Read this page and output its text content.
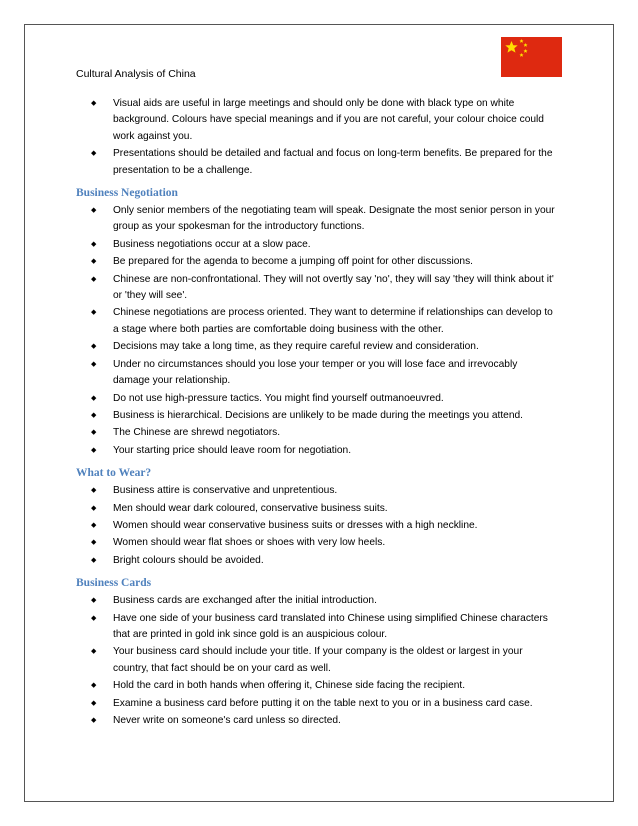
Cultural Analysis of China
◆ Visual aids are useful in large meetings and should only be done with black type on white background. Colours have special meanings and if you are not careful, your colour choice could work against you.
◆ Presentations should be detailed and factual and focus on long-term benefits. Be prepared for the presentation to be a challenge.
Business Negotiation
◆ Only senior members of the negotiating team will speak. Designate the most senior person in your group as your spokesman for the introductory functions.
◆ Business negotiations occur at a slow pace.
◆ Be prepared for the agenda to become a jumping off point for other discussions.
◆ Chinese are non-confrontational. They will not overtly say 'no', they will say 'they will think about it' or 'they will see'.
◆ Chinese negotiations are process oriented. They want to determine if relationships can develop to a stage where both parties are comfortable doing business with the other.
◆ Decisions may take a long time, as they require careful review and consideration.
◆ Under no circumstances should you lose your temper or you will lose face and irrevocably damage your relationship.
◆ Do not use high-pressure tactics. You might find yourself outmanoeuvred.
◆ Business is hierarchical. Decisions are unlikely to be made during the meetings you attend.
◆ The Chinese are shrewd negotiators.
◆ Your starting price should leave room for negotiation.
What to Wear?
◆ Business attire is conservative and unpretentious.
◆ Men should wear dark coloured, conservative business suits.
◆ Women should wear conservative business suits or dresses with a high neckline.
◆ Women should wear flat shoes or shoes with very low heels.
◆ Bright colours should be avoided.
Business Cards
◆ Business cards are exchanged after the initial introduction.
◆ Have one side of your business card translated into Chinese using simplified Chinese characters that are printed in gold ink since gold is an auspicious colour.
◆ Your business card should include your title. If your company is the oldest or largest in your country, that fact should be on your card as well.
◆ Hold the card in both hands when offering it, Chinese side facing the recipient.
◆ Examine a business card before putting it on the table next to you or in a business card case.
◆ Never write on someone's card unless so directed.
